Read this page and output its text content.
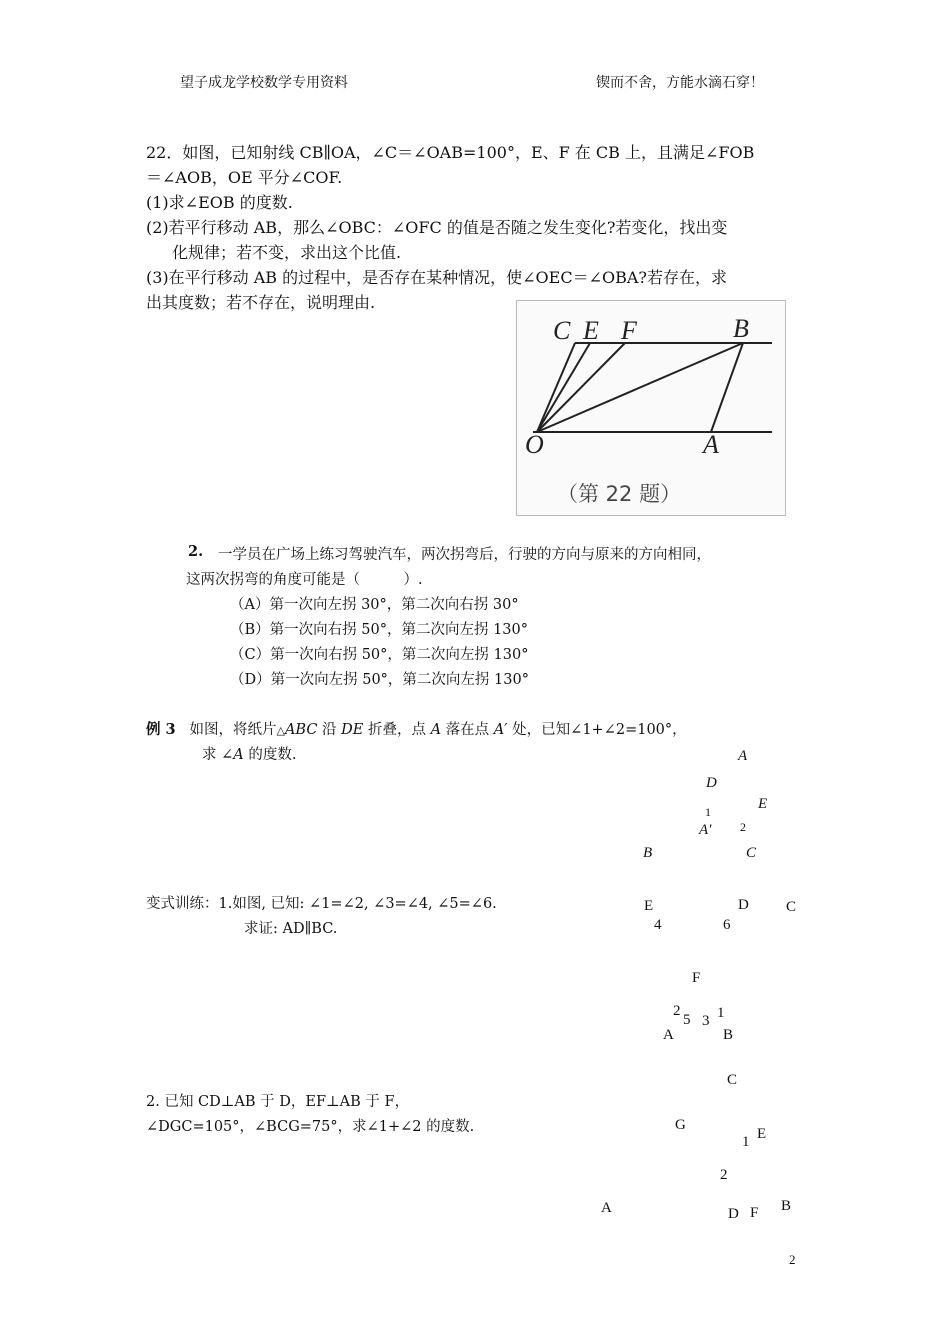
望子成龙学校数学专用资料	锲而不舍，方能水滴石穿！
22．如图，已知射线 CB∥OA，∠C＝∠OAB=100°，E、F 在 CB 上，且满足∠FOB
＝∠AOB，OE 平分∠COF.
(1)求∠EOB 的度数.
(2)若平行移动 AB，那么∠OBC：∠OFC 的值是否随之发生变化?若变化，找出变
化规律；若不变，求出这个比值.
(3)在平行移动 AB 的过程中，是否存在某种情况，使∠OEC＝∠OBA?若存在，求
出其度数；若不存在，说明理由.
C E F	B
O	A
（第 22 题）
2. 一学员在广场上练习驾驶汽车，两次拐弯后，行驶的方向与原来的方向相同，
这两次拐弯的角度可能是（　　　）.
（A）第一次向左拐 30°，第二次向右拐 30°
（B）第一次向右拐 50°，第二次向左拐 130°
（C）第一次向右拐 50°，第二次向左拐 130°
（D）第一次向左拐 50°，第二次向左拐 130°
例 3 如图，将纸片△ABC 沿 DE 折叠，点 A 落在点 A′ 处，已知∠1+∠2=100°，
求 ∠A 的度数.	A
D
E
1
2
A′
B	C
变式训练：1.如图, 已知: ∠1=∠2, ∠3=∠4, ∠5=∠6.
求证: AD∥BC.
E	D C
4	6
F
2
5 3 1
A	B
2. 已知 CD⊥AB 于 D，EF⊥AB 于 F，
∠DGC=105°，∠BCG=75°，求∠1+∠2 的度数.
C
G
1 E
2
A	D F B
2
